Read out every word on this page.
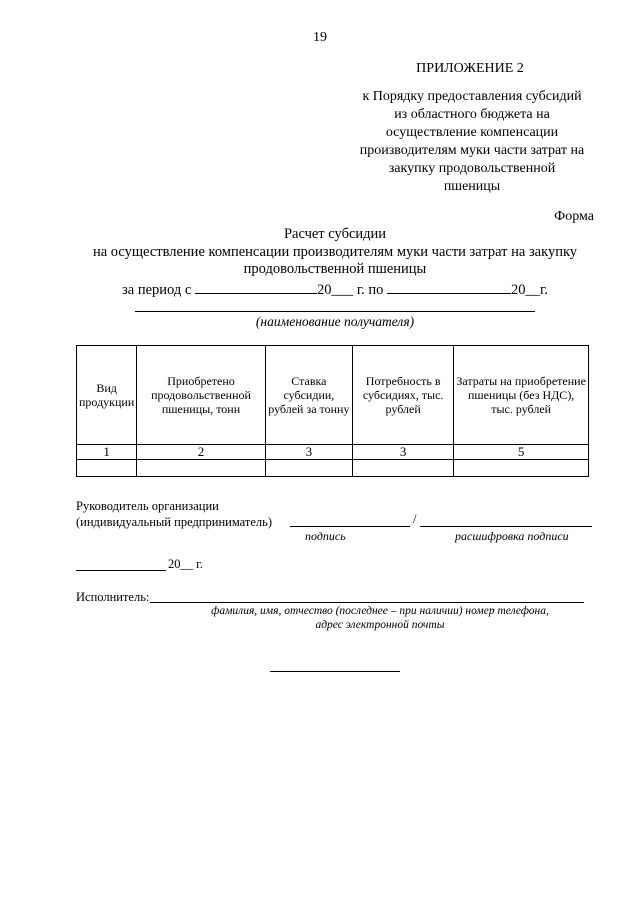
19
ПРИЛОЖЕНИЕ 2
к Порядку предоставления субсидий
из областного бюджета на
осуществление компенсации
производителям муки части затрат на
закупку продовольственной
пшеницы
Форма
Расчет субсидии
на осуществление компенсации производителям муки части затрат на закупку
продовольственной пшеницы
за период с	20___ г. по	20__г.
(наименование получателя)
Вид продукции	Приобретено продовольственной пшеницы, тонн	Ставка субсидии, рублей за тонну	Потребность в субсидиях, тыс. рублей	Затраты на приобретение пшеницы (без НДС), тыс. рублей
1	2	3	3	5

Руководитель организации
(индивидуальный предприниматель)	/
подпись	расшифровка подписи
20__ г.
Исполнитель:
фамилия, имя, отчество (последнее – при наличии) номер телефона,
адрес электронной почты
